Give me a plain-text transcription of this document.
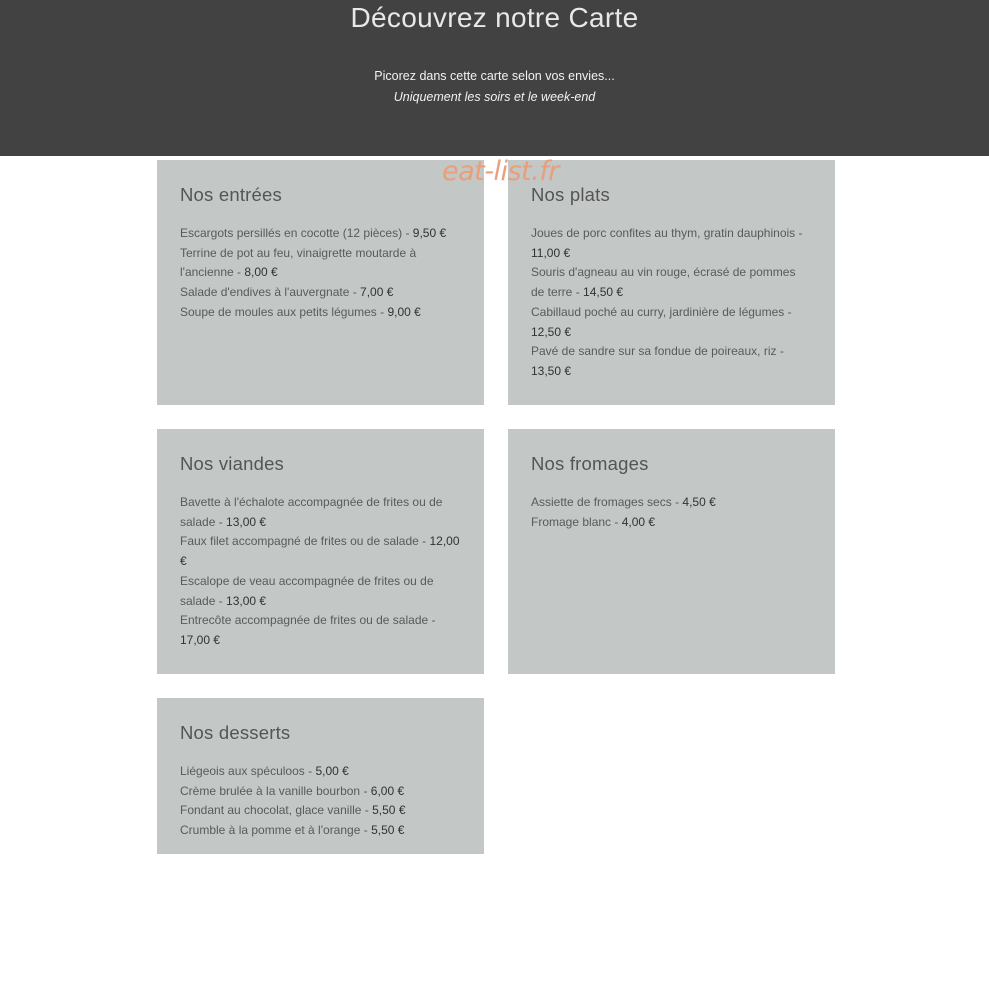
Découvrez notre Carte
Picorez dans cette carte selon vos envies...
Uniquement les soirs et le week-end
eat-list.fr
Nos entrées
Escargots persillés en cocotte (12 pièces) - 9,50 €
Terrine de pot au feu, vinaigrette moutarde à l'ancienne - 8,00 €
Salade d'endives à l'auvergnate - 7,00 €
Soupe de moules aux petits légumes - 9,00 €
Nos plats
Joues de porc confites au thym, gratin dauphinois - 11,00 €
Souris d'agneau au vin rouge, écrasé de pommes de terre - 14,50 €
Cabillaud poché au curry, jardinière de légumes - 12,50 €
Pavé de sandre sur sa fondue de poireaux, riz - 13,50 €
Nos viandes
Bavette à l'échalote accompagnée de frites ou de salade - 13,00 €
Faux filet accompagné de frites ou de salade - 12,00 €
Escalope de veau accompagnée de frites ou de salade - 13,00 €
Entrecôte accompagnée de frites ou de salade - 17,00 €
Nos fromages
Assiette de fromages secs - 4,50 €
Fromage blanc - 4,00 €
Nos desserts
Liégeois aux spéculoos - 5,00 €
Crème brulée à la vanille bourbon - 6,00 €
Fondant au chocolat, glace vanille - 5,50 €
Crumble à la pomme et à l'orange - 5,50 €
